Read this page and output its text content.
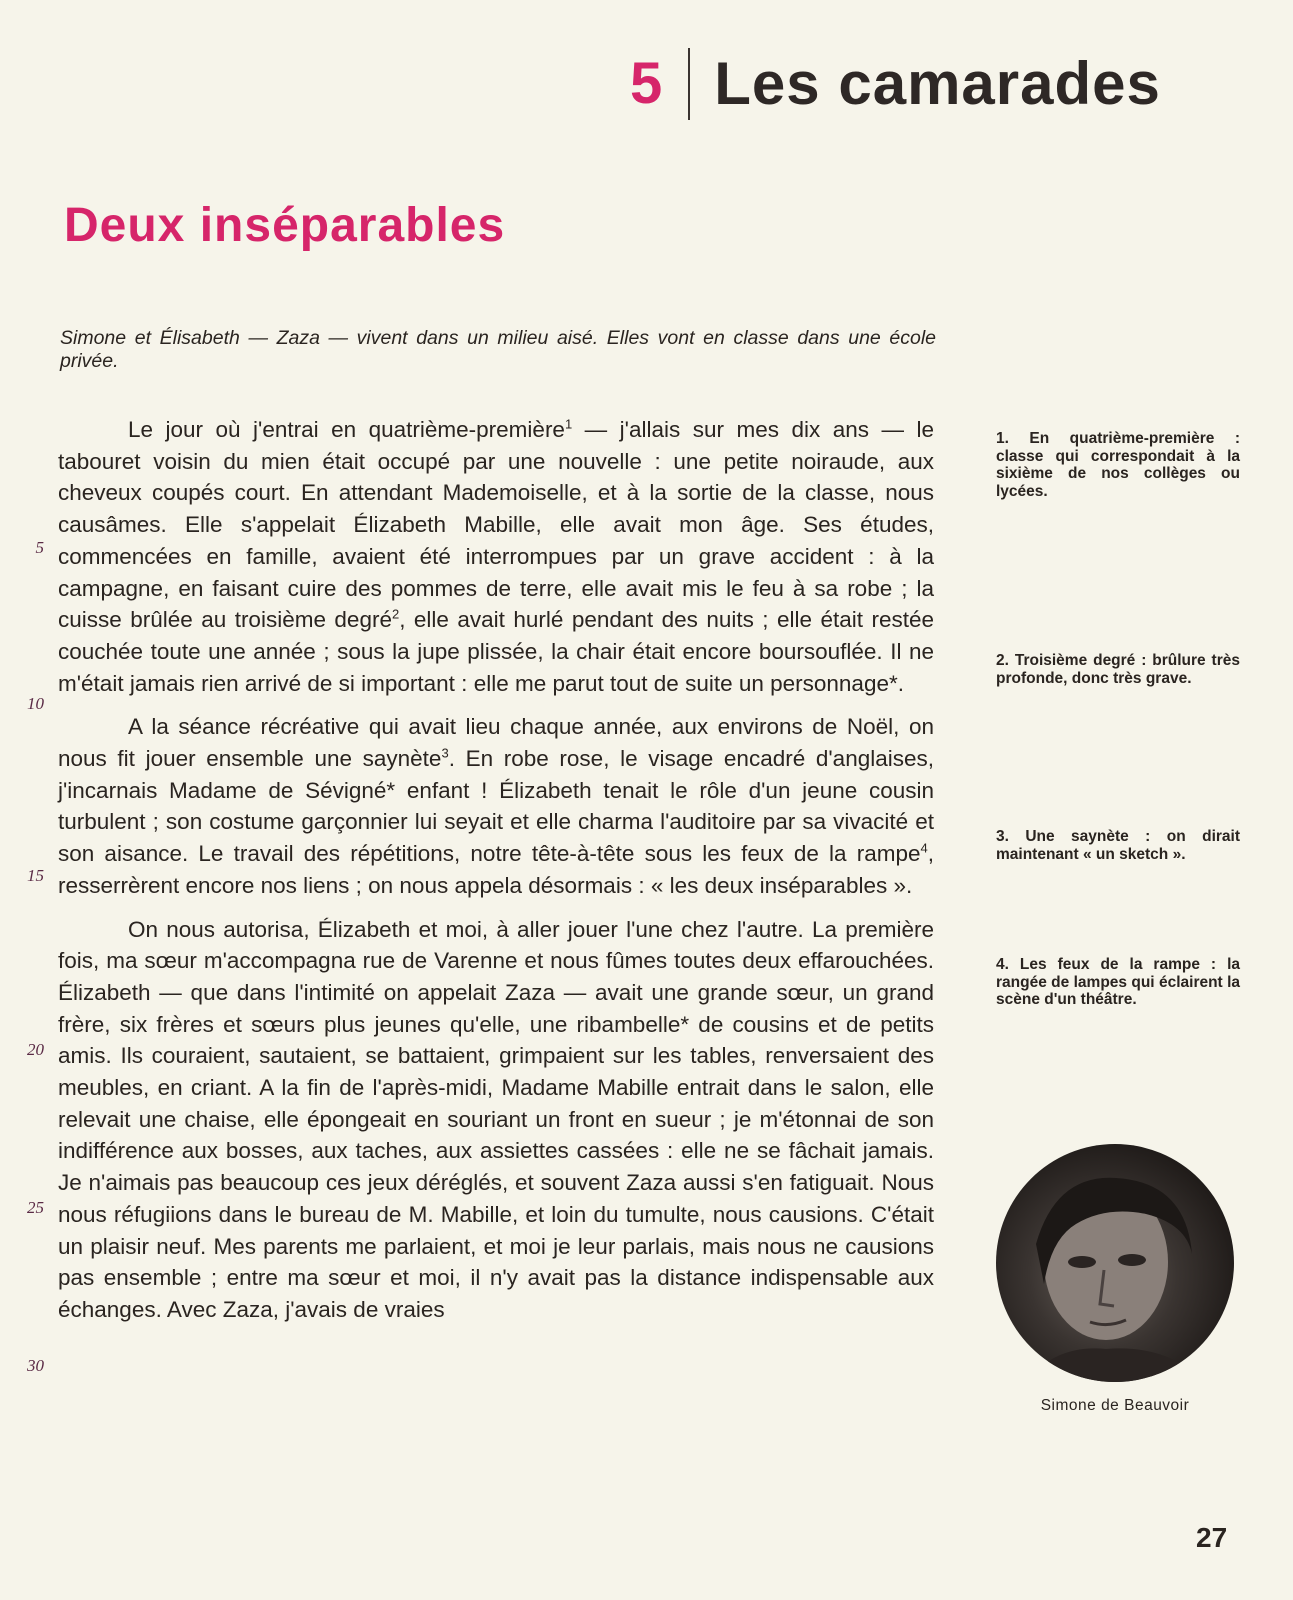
5 Les camarades
Deux inséparables
Simone et Élisabeth — Zaza — vivent dans un milieu aisé. Elles vont en classe dans une école privée.

Le jour où j'entrai en quatrième-première$^1$ — j'allais sur mes dix ans — le tabouret voisin du mien était occupé par une nouvelle : une petite noiraude, aux cheveux coupés court. En attendant Mademoiselle, et à la sortie de la classe, nous causâmes. Elle s'appelait Élizabeth Mabille, elle avait mon âge. Ses études, commencées en famille, avaient été interrompues par un grave accident : à la campagne, en faisant cuire des pommes de terre, elle avait mis le feu à sa robe ; la cuisse brûlée au troisième degré$^2$, elle avait hurlé pendant des nuits ; elle était restée couchée toute une année ; sous la jupe plissée, la chair était encore boursouflée. Il ne m'était jamais rien arrivé de si important : elle me parut tout de suite un personnage*.

A la séance récréative qui avait lieu chaque année, aux environs de Noël, on nous fit jouer ensemble une saynète$^3$. En robe rose, le visage encadré d'anglaises, j'incarnais Madame de Sévigné* enfant ! Élizabeth tenait le rôle d'un jeune cousin turbulent ; son costume garçonnier lui seyait et elle charma l'auditoire par sa vivacité et son aisance. Le travail des répétitions, notre tête-à-tête sous les feux de la rampe$^4$, resserrèrent encore nos liens ; on nous appela désormais : « les deux inséparables ».

On nous autorisa, Élizabeth et moi, à aller jouer l'une chez l'autre. La première fois, ma sœur m'accompagna rue de Varenne et nous fûmes toutes deux effarouchées. Élizabeth — que dans l'intimité on appelait Zaza — avait une grande sœur, un grand frère, six frères et sœurs plus jeunes qu'elle, une ribambelle* de cousins et de petits amis. Ils couraient, sautaient, se battaient, grimpaient sur les tables, renversaient des meubles, en criant. A la fin de l'après-midi, Madame Mabille entrait dans le salon, elle relevait une chaise, elle épongeait en souriant un front en sueur ; je m'étonnai de son indifférence aux bosses, aux taches, aux assiettes cassées : elle ne se fâchait jamais. Je n'aimais pas beaucoup ces jeux déréglés, et souvent Zaza aussi s'en fatiguait. Nous nous réfugiions dans le bureau de M. Mabille, et loin du tumulte, nous causions. C'était un plaisir neuf. Mes parents me parlaient, et moi je leur parlais, mais nous ne causions pas ensemble ; entre ma sœur et moi, il n'y avait pas la distance indispensable aux échanges. Avec Zaza, j'avais de vraies

5
10
15
20
25
30
1. En quatrième-première : classe qui correspondait à la sixième de nos collèges ou lycées.
2. Troisième degré : brûlure très profonde, donc très grave.
3. Une saynète : on dirait maintenant « un sketch ».
4. Les feux de la rampe : la rangée de lampes qui éclairent la scène d'un théâtre.
Simone de Beauvoir
27
